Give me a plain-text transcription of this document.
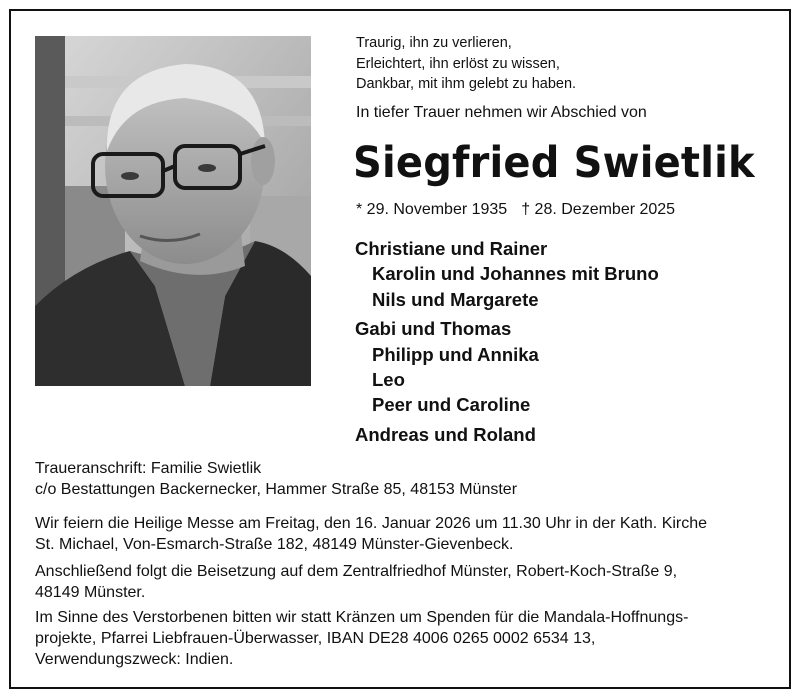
Traurig, ihn zu verlieren,
Erleichtert, ihn erlöst zu wissen,
Dankbar, mit ihm gelebt zu haben.
In tiefer Trauer nehmen wir Abschied von
Siegfried Swietlik
* 29. November 1935 † 28. Dezember 2025
Christiane und Rainer
Karolin und Johannes mit Bruno
Nils und Margarete
Gabi und Thomas
Philipp und Annika
Leo
Peer und Caroline
Andreas und Roland
Traueranschrift: Familie Swietlik
c/o Bestattungen Backernecker, Hammer Straße 85, 48153 Münster
Wir feiern die Heilige Messe am Freitag, den 16. Januar 2026 um 11.30 Uhr in der Kath. Kirche
St. Michael, Von-Esmarch-Straße 182, 48149 Münster-Gievenbeck.
Anschließend folgt die Beisetzung auf dem Zentralfriedhof Münster, Robert-Koch-Straße 9,
48149 Münster.
Im Sinne des Verstorbenen bitten wir statt Kränzen um Spenden für die Mandala-Hoffnungs-
projekte, Pfarrei Liebfrauen-Überwasser, IBAN DE28 4006 0265 0002 6534 13,
Verwendungszweck: Indien.
